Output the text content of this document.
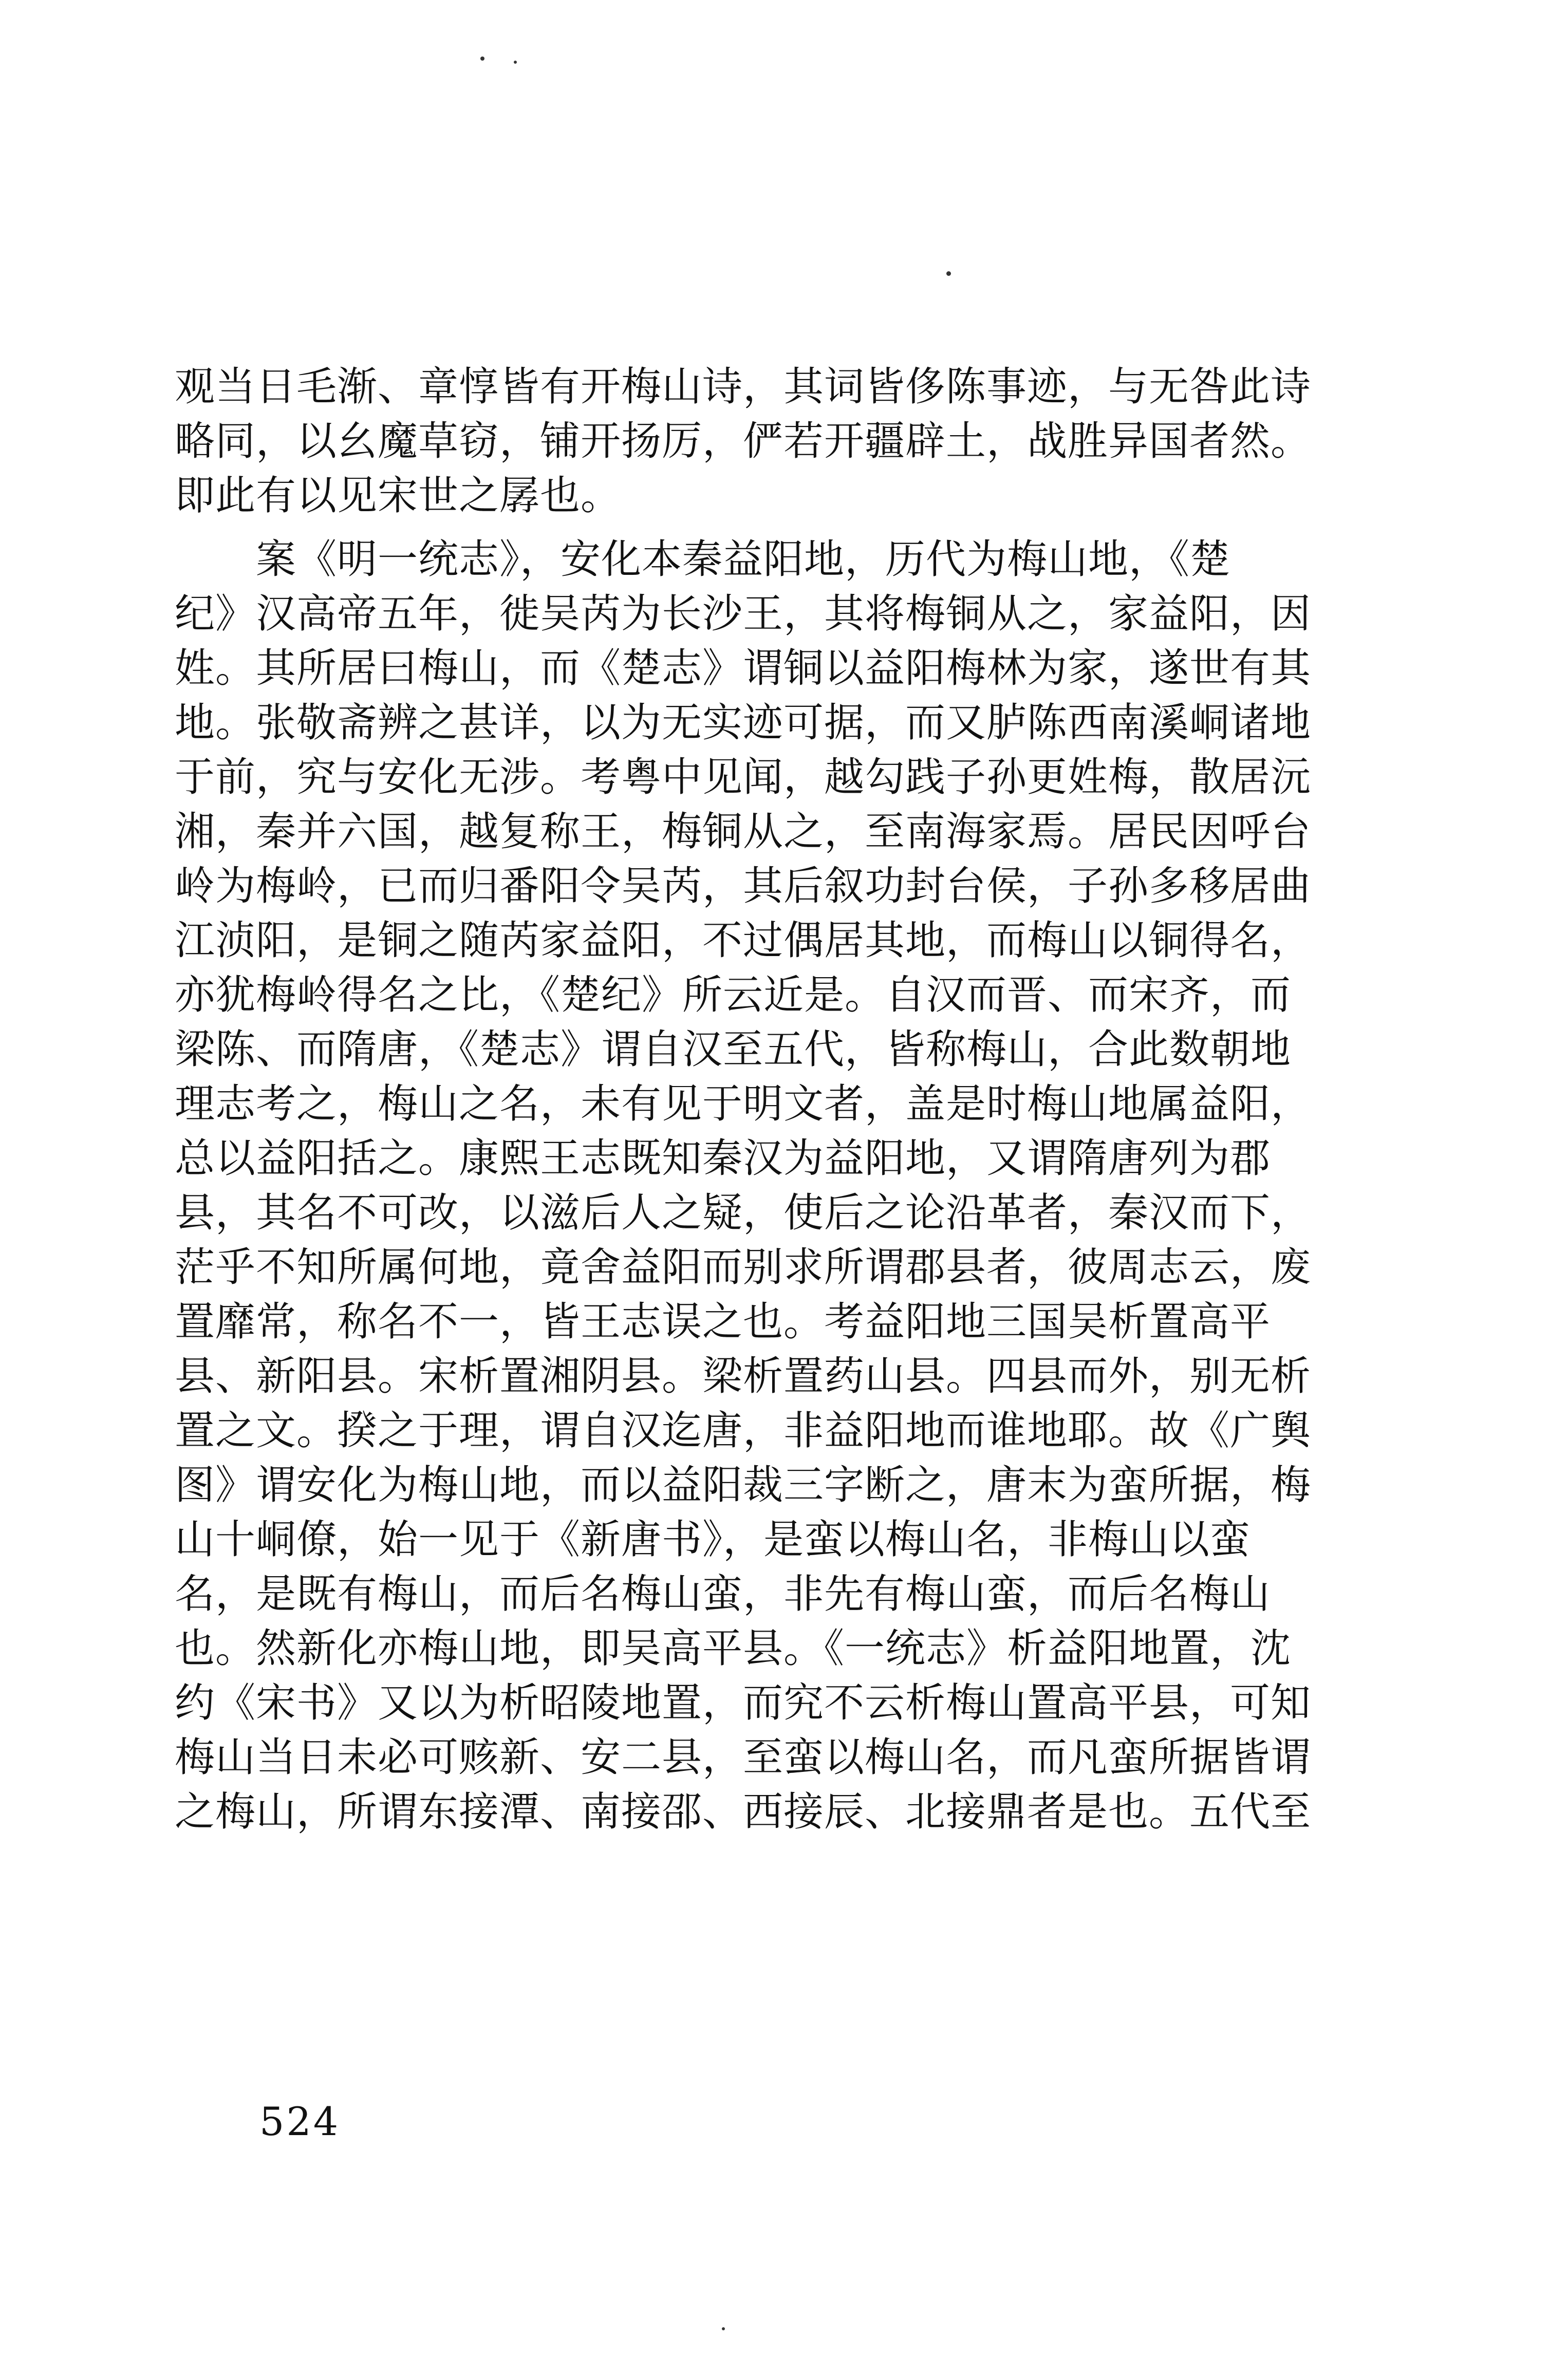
观当日毛渐、章惇皆有开梅山诗，其词皆侈陈事迹，与无咎此诗
略同，以幺魔草窃，铺开扬厉，俨若开疆辟土，战胜异国者然。
即此有以见宋世之孱也。
　　案《明一统志》，安化本秦益阳地，历代为梅山地，《楚
纪》汉高帝五年，徙吴芮为长沙王，其将梅铜从之，家益阳，因
姓。其所居曰梅山，而《楚志》谓铜以益阳梅林为家，遂世有其
地。张敬斋辨之甚详，以为无实迹可据，而又胪陈西南溪峒诸地
于前，究与安化无涉。考粤中见闻，越勾践子孙更姓梅，散居沅
湘，秦并六国，越复称王，梅铜从之，至南海家焉。居民因呼台
岭为梅岭，已而归番阳令吴芮，其后叙功封台侯，子孙多移居曲
江浈阳，是铜之随芮家益阳，不过偶居其地，而梅山以铜得名，
亦犹梅岭得名之比，《楚纪》所云近是。自汉而晋、而宋齐，而
梁陈、而隋唐，《楚志》谓自汉至五代，皆称梅山，合此数朝地
理志考之，梅山之名，未有见于明文者，盖是时梅山地属益阳，
总以益阳括之。康熙王志既知秦汉为益阳地，又谓隋唐列为郡
县，其名不可改，以滋后人之疑，使后之论沿革者，秦汉而下，
茫乎不知所属何地，竟舍益阳而别求所谓郡县者，彼周志云，废
置靡常，称名不一，皆王志误之也。考益阳地三国吴析置高平
县、新阳县。宋析置湘阴县。梁析置药山县。四县而外，别无析
置之文。揆之于理，谓自汉迄唐，非益阳地而谁地耶。故《广舆
图》谓安化为梅山地，而以益阳裁三字断之，唐末为蛮所据，梅
山十峒僚，始一见于《新唐书》，是蛮以梅山名，非梅山以蛮
名，是既有梅山，而后名梅山蛮，非先有梅山蛮，而后名梅山
也。然新化亦梅山地，即吴高平县。《一统志》析益阳地置，沈
约《宋书》又以为析昭陵地置，而究不云析梅山置高平县，可知
梅山当日未必可赅新、安二县，至蛮以梅山名，而凡蛮所据皆谓
之梅山，所谓东接潭、南接邵、西接辰、北接鼎者是也。五代至
524
